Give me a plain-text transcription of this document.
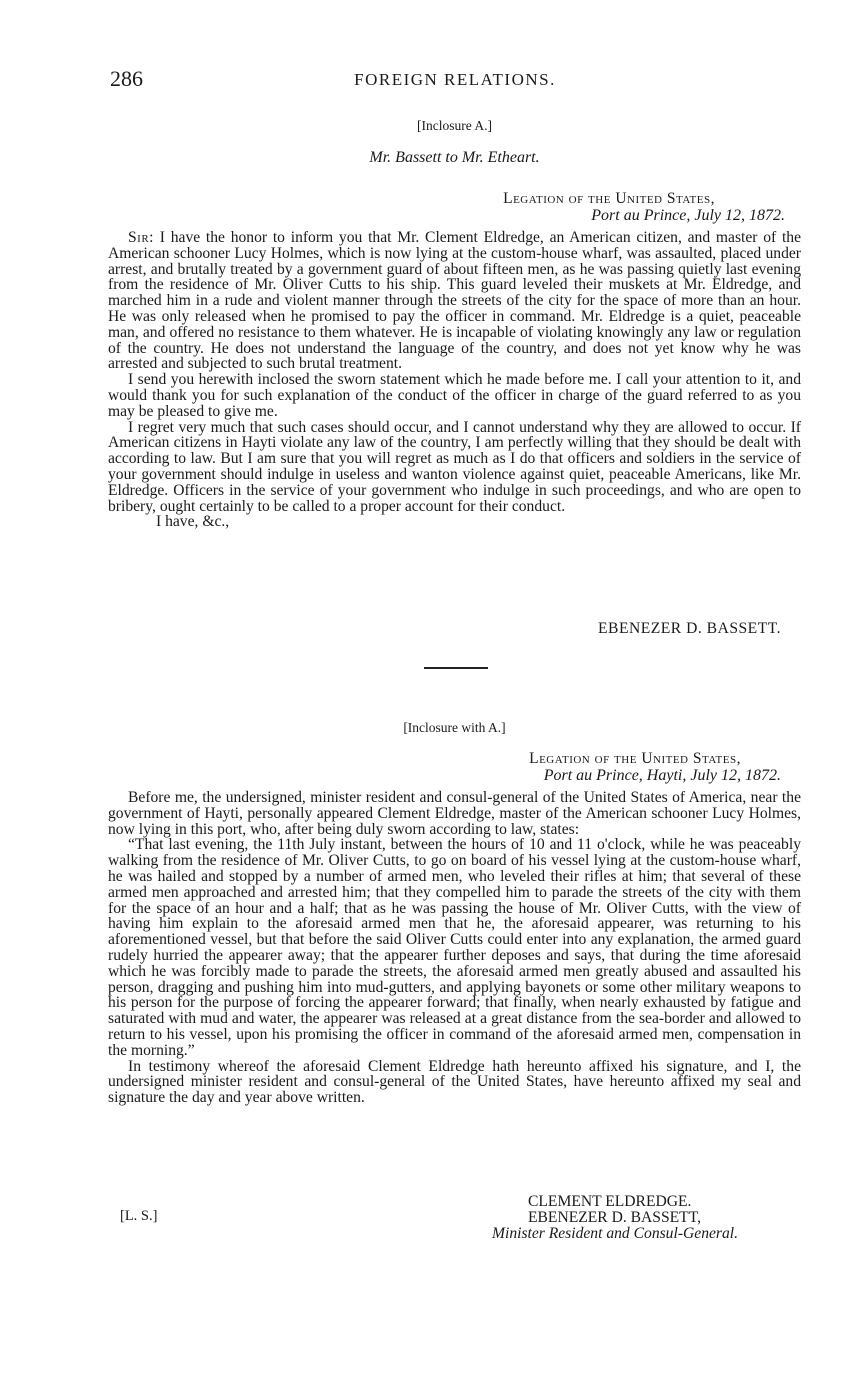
286	FOREIGN RELATIONS.
[Inclosure A.]
Mr. Bassett to Mr. Etheart.
Legation of the United States,
Port au Prince, July 12, 1872.

Sir: I have the honor to inform you that Mr. Clement Eldredge, an American citizen, and master of the American schooner Lucy Holmes, which is now lying at the custom-house wharf, was assaulted, placed under arrest, and brutally treated by a government guard of about fifteen men, as he was passing quietly last evening from the residence of Mr. Oliver Cutts to his ship. This guard leveled their muskets at Mr. Eldredge, and marched him in a rude and violent manner through the streets of the city for the space of more than an hour. He was only released when he promised to pay the officer in command. Mr. Eldredge is a quiet, peaceable man, and offered no resistance to them whatever. He is incapable of violating knowingly any law or regulation of the country. He does not understand the language of the country, and does not yet know why he was arrested and subjected to such brutal treatment.

I send you herewith inclosed the sworn statement which he made before me. I call your attention to it, and would thank you for such explanation of the conduct of the officer in charge of the guard referred to as you may be pleased to give me.

I regret very much that such cases should occur, and I cannot understand why they are allowed to occur. If American citizens in Hayti violate any law of the country, I am perfectly willing that they should be dealt with according to law. But I am sure that you will regret as much as I do that officers and soldiers in the service of your government should indulge in useless and wanton violence against quiet, peaceable Americans, like Mr. Eldredge. Officers in the service of your government who indulge in such proceedings, and who are open to bribery, ought certainly to be called to a proper account for their conduct.

I have, &c.,

EBENEZER D. BASSETT.
[Inclosure with A.]
Legation of the United States,
Port au Prince, Hayti, July 12, 1872.

Before me, the undersigned, minister resident and consul-general of the United States of America, near the government of Hayti, personally appeared Clement Eldredge, master of the American schooner Lucy Holmes, now lying in this port, who, after being duly sworn according to law, states:

“That last evening, the 11th July instant, between the hours of 10 and 11 o'clock, while he was peaceably walking from the residence of Mr. Oliver Cutts, to go on board of his vessel lying at the custom-house wharf, he was hailed and stopped by a number of armed men, who leveled their rifles at him; that several of these armed men approached and arrested him; that they compelled him to parade the streets of the city with them for the space of an hour and a half; that as he was passing the house of Mr. Oliver Cutts, with the view of having him explain to the aforesaid armed men that he, the aforesaid appearer, was returning to his aforementioned vessel, but that before the said Oliver Cutts could enter into any explanation, the armed guard rudely hurried the appearer away; that the appearer further deposes and says, that during the time aforesaid which he was forcibly made to parade the streets, the aforesaid armed men greatly abused and assaulted his person, dragging and pushing him into mud-gutters, and applying bayonets or some other military weapons to his person for the purpose of forcing the appearer forward; that finally, when nearly exhausted by fatigue and saturated with mud and water, the appearer was released at a great distance from the sea-border and allowed to return to his vessel, upon his promising the officer in command of the aforesaid armed men, compensation in the morning.”

In testimony whereof the aforesaid Clement Eldredge hath hereunto affixed his signature, and I, the undersigned minister resident and consul-general of the United States, have hereunto affixed my seal and signature the day and year above written.

[L. S.]
CLEMENT ELDREDGE.
EBENEZER D. BASSETT,
Minister Resident and Consul-General.
